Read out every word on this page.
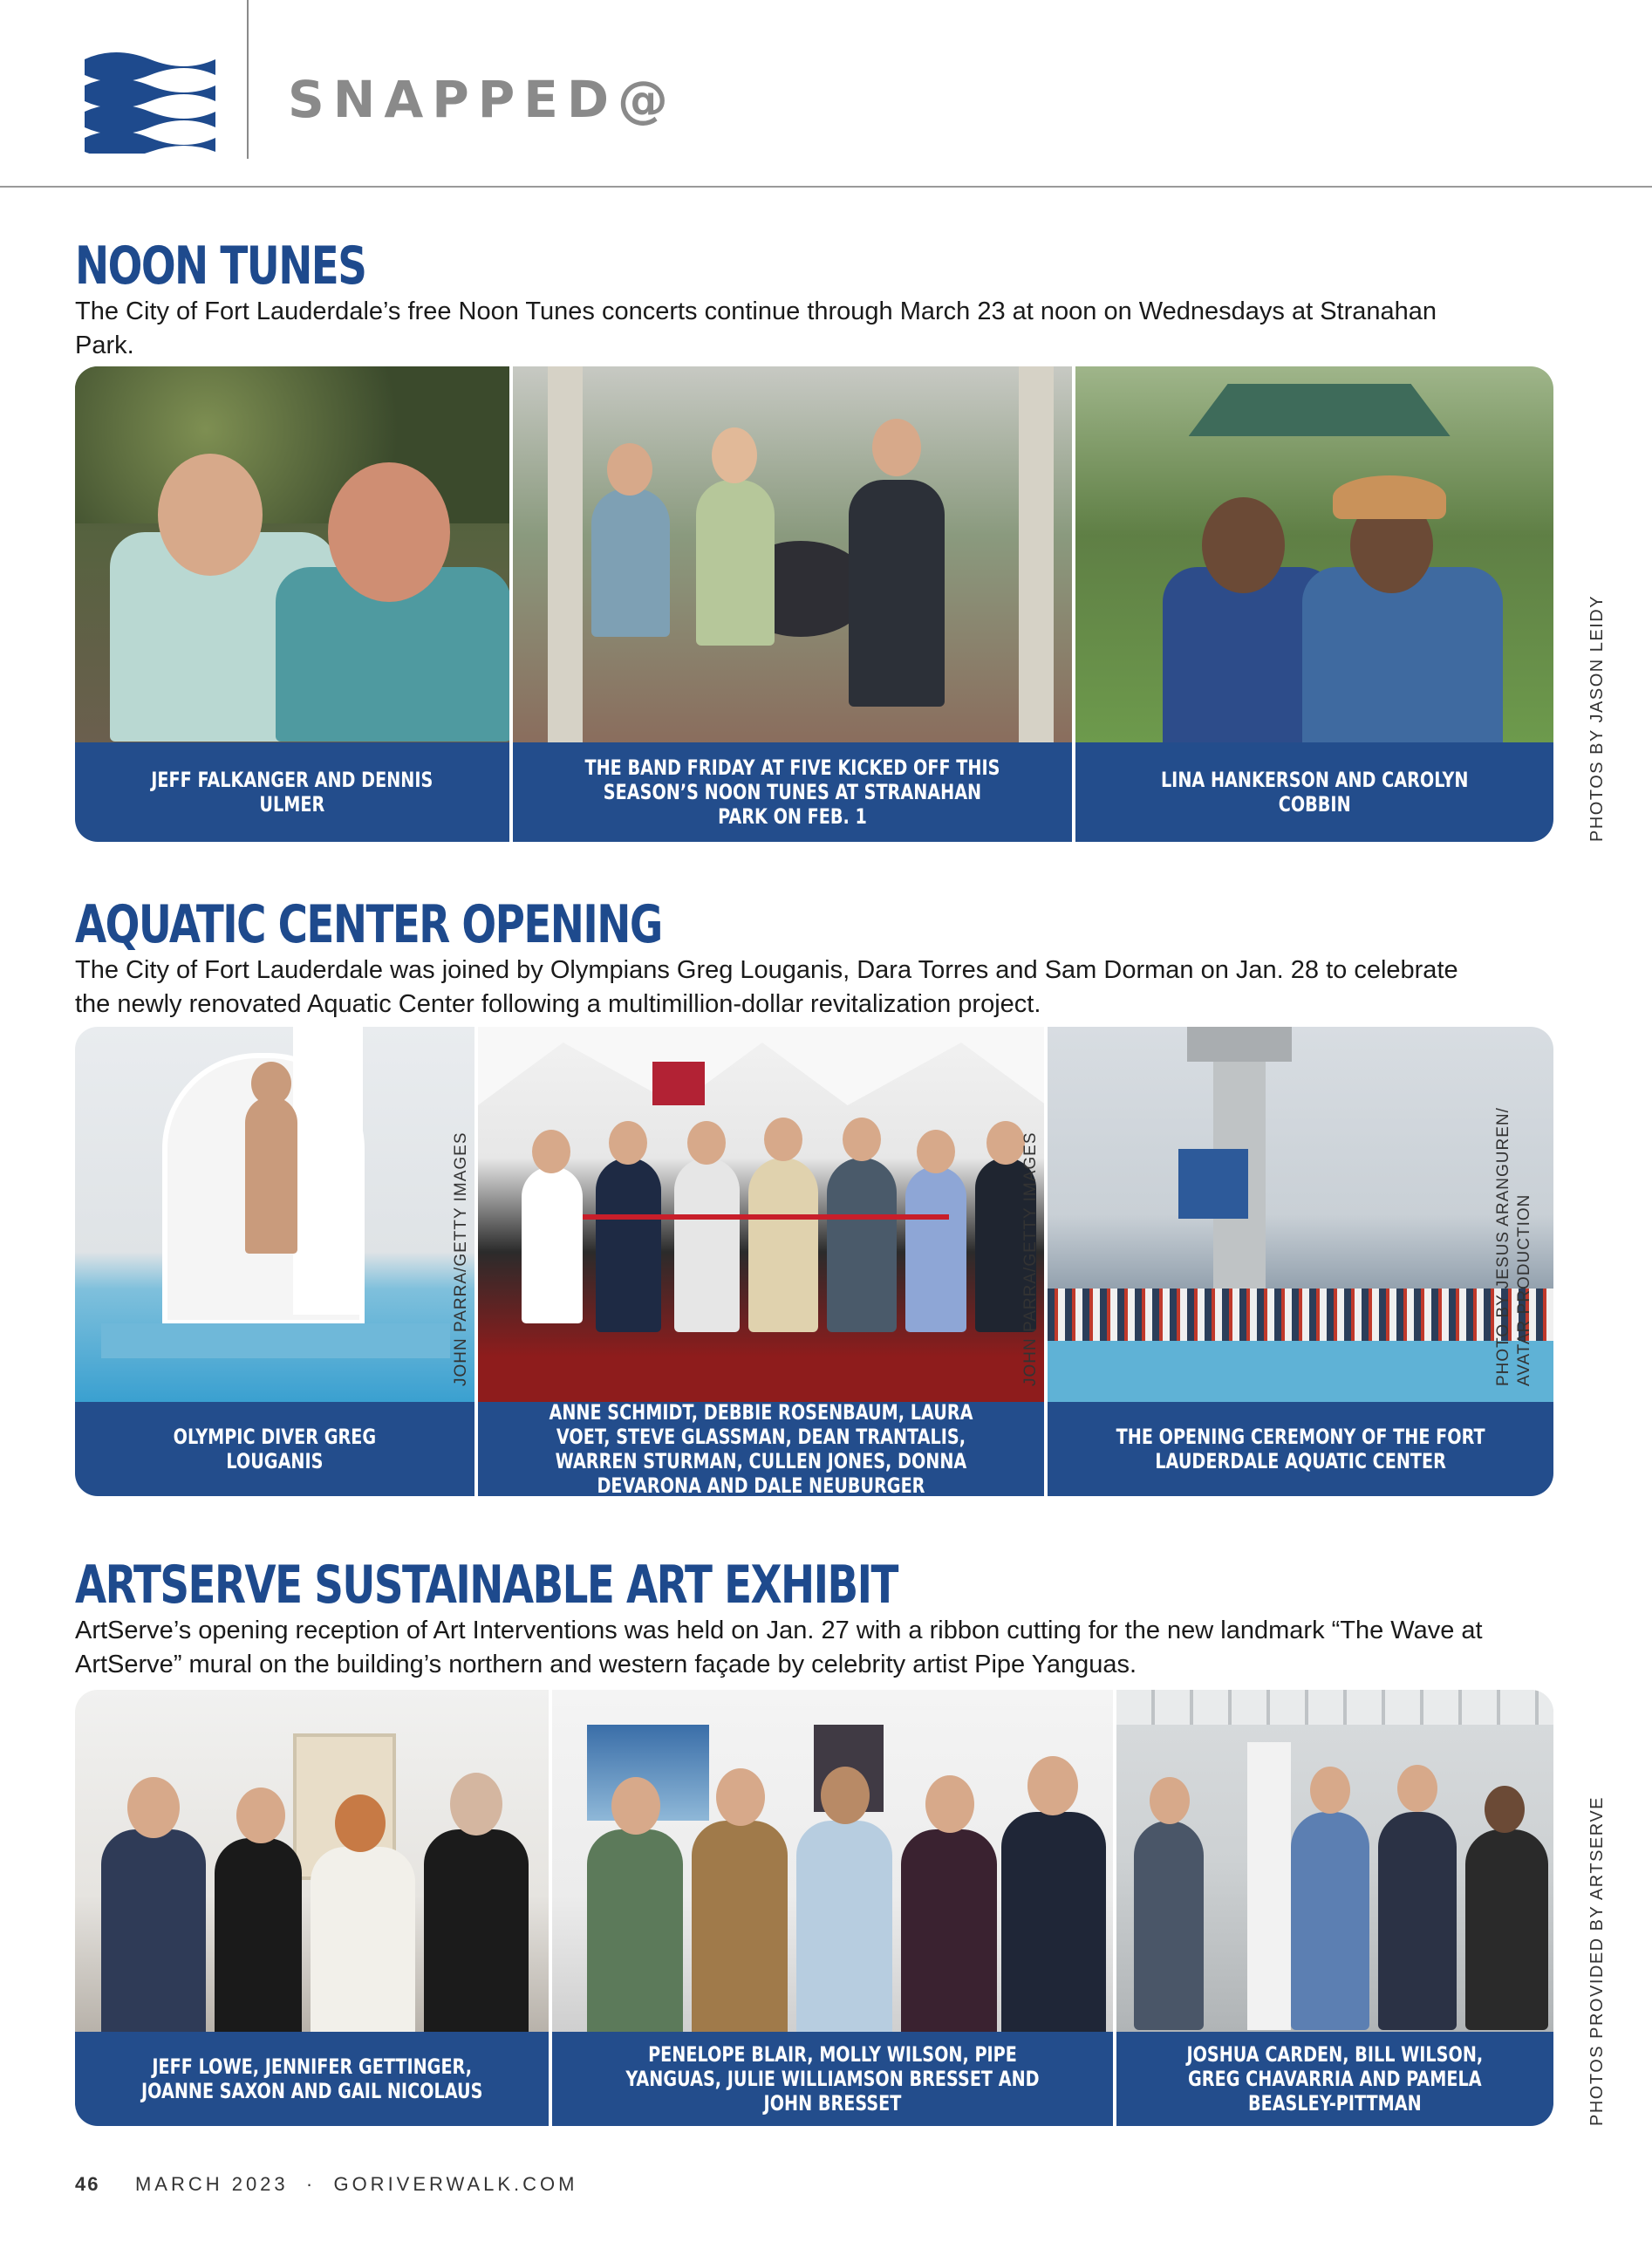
SNAPPED@
NOON TUNES
The City of Fort Lauderdale’s free Noon Tunes concerts continue through March 23 at noon on Wednesdays at Stranahan Park.
JEFF FALKANGER AND DENNIS ULMER
THE BAND FRIDAY AT FIVE KICKED OFF THIS SEASON’S NOON TUNES AT STRANAHAN PARK ON FEB. 1
LINA HANKERSON AND CAROLYN COBBIN	PHOTOS BY JASON LEIDY
AQUATIC CENTER OPENING
The City of Fort Lauderdale was joined by Olympians Greg Louganis, Dara Torres and Sam Dorman on Jan. 28 to celebrate the newly renovated Aquatic Center following a multimillion-dollar revitalization project.
OLYMPIC DIVER GREG LOUGANIS
JOHN PARRA/GETTY IMAGES
ANNE SCHMIDT, DEBBIE ROSENBAUM, LAURA VOET, STEVE GLASSMAN, DEAN TRANTALIS, WARREN STURMAN, CULLEN JONES, DONNA DEVARONA AND DALE NEUBURGER
JOHN PARRA/GETTY IMAGES
THE OPENING CEREMONY OF THE FORT LAUDERDALE AQUATIC CENTER
PHOTO BY JESUS ARANGUREN/ AVATAR PRODUCTION
ARTSERVE SUSTAINABLE ART EXHIBIT
ArtServe’s opening reception of Art Interventions was held on Jan. 27 with a ribbon cutting for the new landmark “The Wave at ArtServe” mural on the building’s northern and western façade by celebrity artist Pipe Yanguas.
JEFF LOWE, JENNIFER GETTINGER, JOANNE SAXON AND GAIL NICOLAUS
PENELOPE BLAIR, MOLLY WILSON, PIPE YANGUAS, JULIE WILLIAMSON BRESSET AND JOHN BRESSET
JOSHUA CARDEN, BILL WILSON, GREG CHAVARRIA AND PAMELA BEASLEY-PITTMAN	PHOTOS PROVIDED BY ARTSERVE
46 MARCH 2023 · GORIVERWALK.COM
